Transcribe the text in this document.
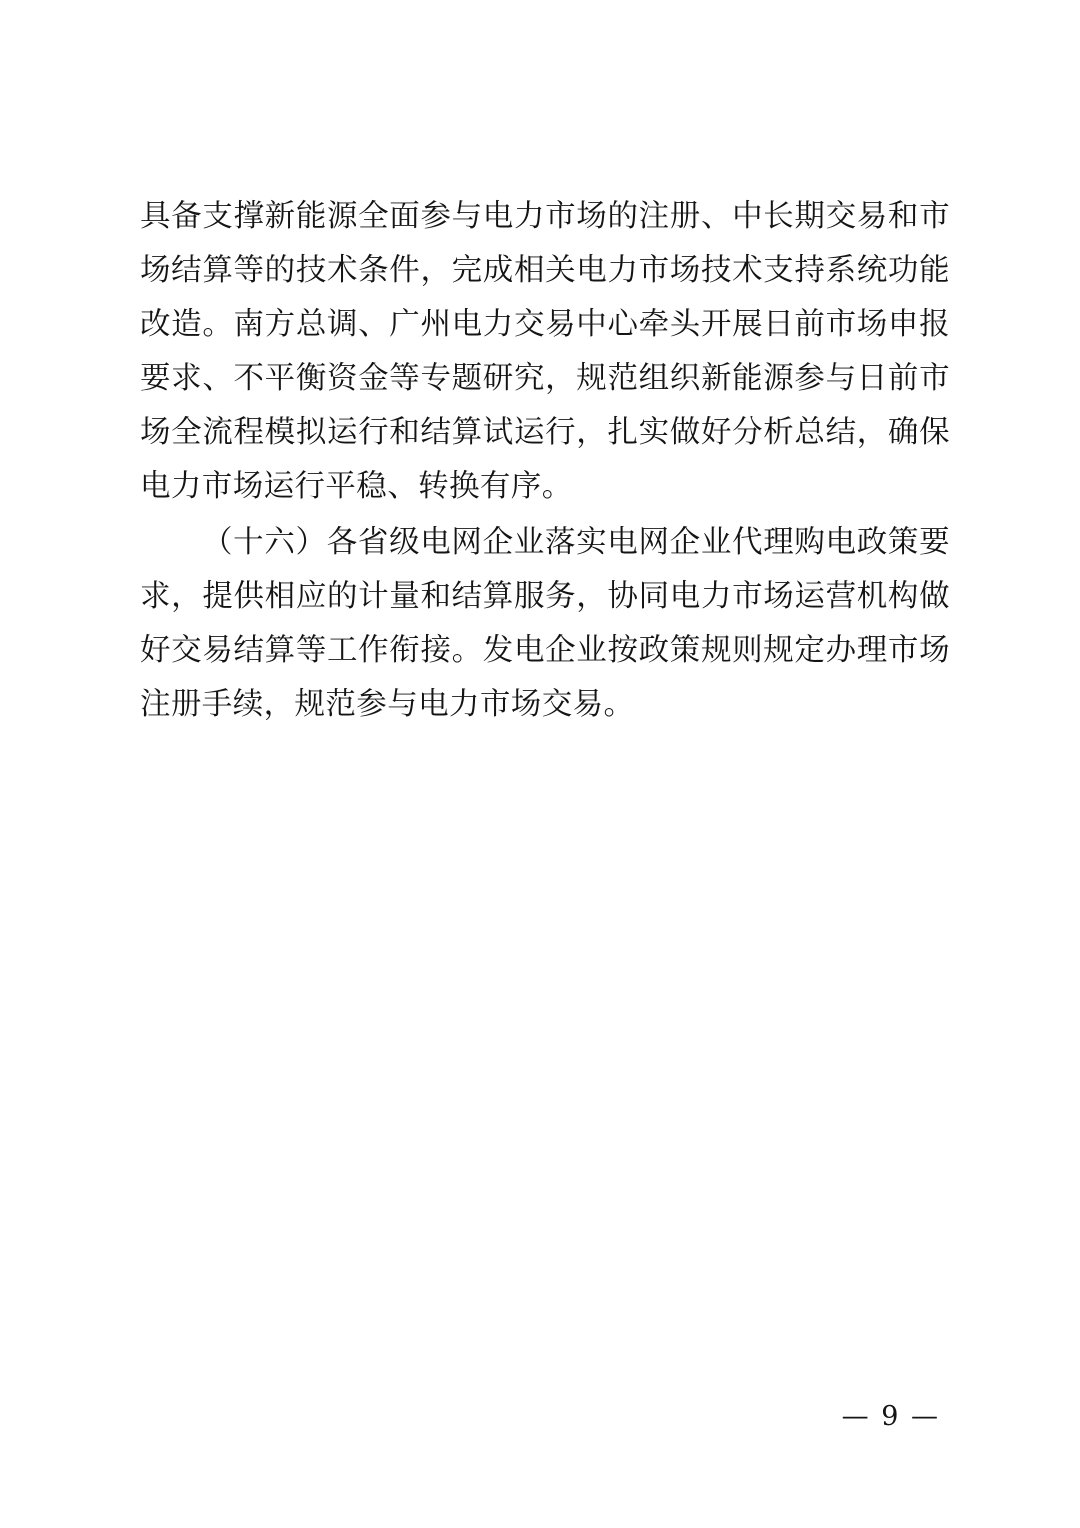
具备支撑新能源全面参与电力市场的注册、中长期交易和市场结算等的技术条件，完成相关电力市场技术支持系统功能改造。南方总调、广州电力交易中心牵头开展日前市场申报要求、不平衡资金等专题研究，规范组织新能源参与日前市场全流程模拟运行和结算试运行，扎实做好分析总结，确保电力市场运行平稳、转换有序。

（十六）各省级电网企业落实电网企业代理购电政策要求，提供相应的计量和结算服务，协同电力市场运营机构做好交易结算等工作衔接。发电企业按政策规则规定办理市场注册手续，规范参与电力市场交易。

— 9 —
